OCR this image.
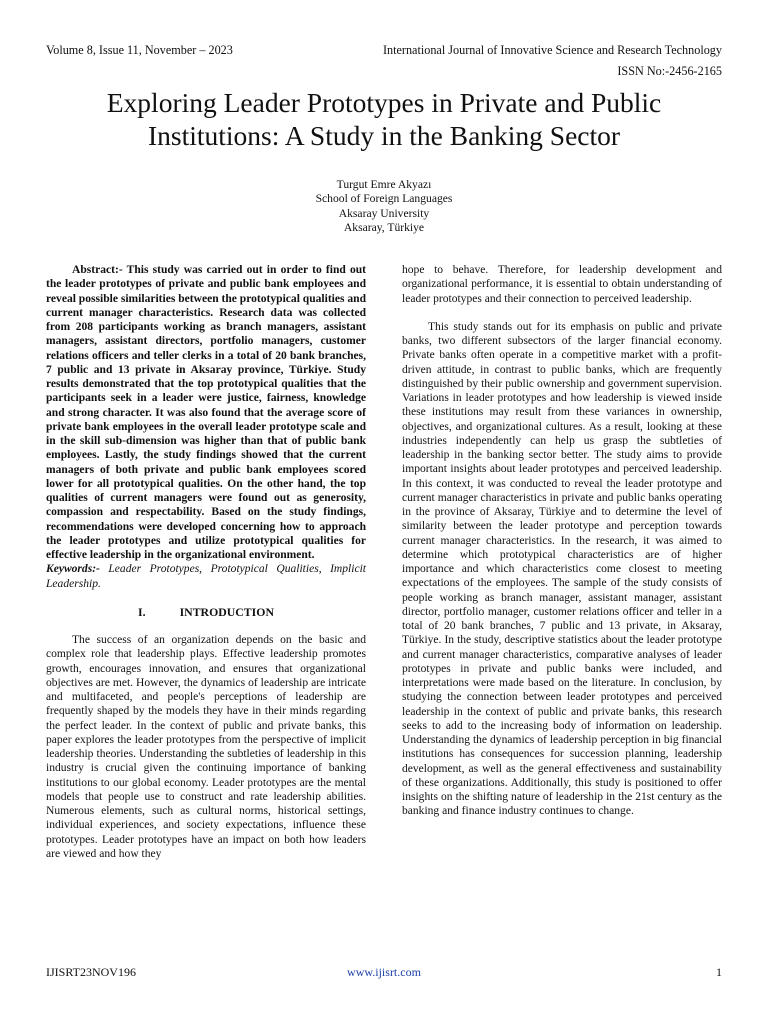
Volume 8, Issue 11, November – 2023	International Journal of Innovative Science and Research Technology
ISSN No:-2456-2165
Exploring Leader Prototypes in Private and Public
Institutions: A Study in the Banking Sector
Turgut Emre Akyazı
School of Foreign Languages
Aksaray University
Aksaray, Türkiye

Abstract:- This study was carried out in order to find out the leader prototypes of private and public bank employees and reveal possible similarities between the prototypical qualities and current manager characteristics. Research data was collected from 208 participants working as branch managers, assistant managers, assistant directors, portfolio managers, customer relations officers and teller clerks in a total of 20 bank branches, 7 public and 13 private in Aksaray province, Türkiye. Study results demonstrated that the top prototypical qualities that the participants seek in a leader were justice, fairness, knowledge and strong character. It was also found that the average score of private bank employees in the overall leader prototype scale and in the skill sub-dimension was higher than that of public bank employees. Lastly, the study findings showed that the current managers of both private and public bank employees scored lower for all prototypical qualities. On the other hand, the top qualities of current managers were found out as generosity, compassion and respectability. Based on the study findings, recommendations were developed concerning how to approach the leader prototypes and utilize prototypical qualities for effective leadership in the organizational environment.

Keywords:- Leader Prototypes, Prototypical Qualities, Implicit Leadership.

I.	INTRODUCTION

The success of an organization depends on the basic and complex role that leadership plays. Effective leadership promotes growth, encourages innovation, and ensures that organizational objectives are met. However, the dynamics of leadership are intricate and multifaceted, and people's perceptions of leadership are frequently shaped by the models they have in their minds regarding the perfect leader. In the context of public and private banks, this paper explores the leader prototypes from the perspective of implicit leadership theories. Understanding the subtleties of leadership in this industry is crucial given the continuing importance of banking institutions to our global economy. Leader prototypes are the mental models that people use to construct and rate leadership abilities. Numerous elements, such as cultural norms, historical settings, individual experiences, and society expectations, influence these prototypes. Leader prototypes have an impact on both how leaders are viewed and how they

hope to behave. Therefore, for leadership development and organizational performance, it is essential to obtain understanding of leader prototypes and their connection to perceived leadership.

This study stands out for its emphasis on public and private banks, two different subsectors of the larger financial economy. Private banks often operate in a competitive market with a profit-driven attitude, in contrast to public banks, which are frequently distinguished by their public ownership and government supervision. Variations in leader prototypes and how leadership is viewed inside these institutions may result from these variances in ownership, objectives, and organizational cultures. As a result, looking at these industries independently can help us grasp the subtleties of leadership in the banking sector better. The study aims to provide important insights about leader prototypes and perceived leadership. In this context, it was conducted to reveal the leader prototype and current manager characteristics in private and public banks operating in the province of Aksaray, Türkiye and to determine the level of similarity between the leader prototype and perception towards current manager characteristics. In the research, it was aimed to determine which prototypical characteristics are of higher importance and which characteristics come closest to meeting expectations of the employees. The sample of the study consists of people working as branch manager, assistant manager, assistant director, portfolio manager, customer relations officer and teller in a total of 20 bank branches, 7 public and 13 private, in Aksaray, Türkiye. In the study, descriptive statistics about the leader prototype and current manager characteristics, comparative analyses of leader prototypes in private and public banks were included, and interpretations were made based on the literature. In conclusion, by studying the connection between leader prototypes and perceived leadership in the context of public and private banks, this research seeks to add to the increasing body of information on leadership. Understanding the dynamics of leadership perception in big financial institutions has consequences for succession planning, leadership development, as well as the general effectiveness and sustainability of these organizations. Additionally, this study is positioned to offer insights on the shifting nature of leadership in the 21st century as the banking and finance industry continues to change.

IJISRT23NOV196	www.ijisrt.com	1
